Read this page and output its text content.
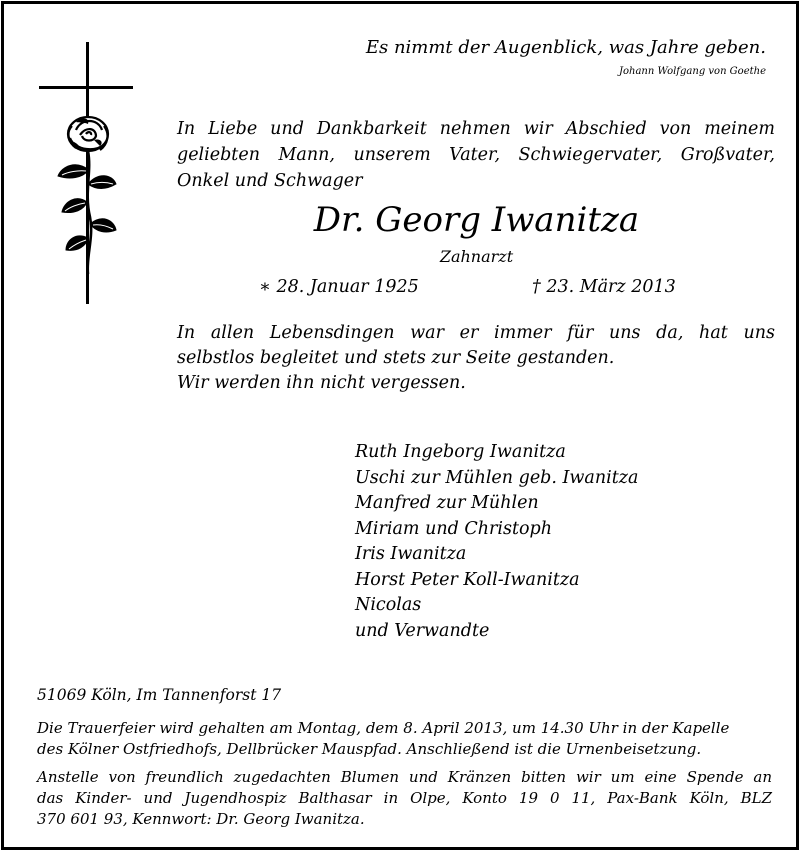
Es nimmt der Augenblick, was Jahre geben.

Johann Wolfgang von Goethe

In Liebe und Dankbarkeit nehmen wir Abschied von meinem
geliebten Mann, unserem Vater, Schwiegervater, Großvater,
Onkel und Schwager
Dr. Georg Iwanitza

Zahnarzt

∗ 28. Januar 1925	† 23. März 2013

In allen Lebensdingen war er immer für uns da, hat uns
selbstlos begleitet und stets zur Seite gestanden.
Wir werden ihn nicht vergessen.
Ruth Ingeborg Iwanitza
Uschi zur Mühlen geb. Iwanitza
Manfred zur Mühlen
Miriam und Christoph
Iris Iwanitza
Horst Peter Koll-Iwanitza
Nicolas
und Verwandte

51069 Köln, Im Tannenforst 17

Die Trauerfeier wird gehalten am Montag, dem 8. April 2013, um 14.30 Uhr in der Kapelle
des Kölner Ostfriedhofs, Dellbrücker Mauspfad. Anschließend ist die Urnenbeisetzung.
Anstelle von freundlich zugedachten Blumen und Kränzen bitten wir um eine Spende an
das Kinder- und Jugendhospiz Balthasar in Olpe, Konto 19 0 11, Pax-Bank Köln, BLZ
370 601 93, Kennwort: Dr. Georg Iwanitza.
